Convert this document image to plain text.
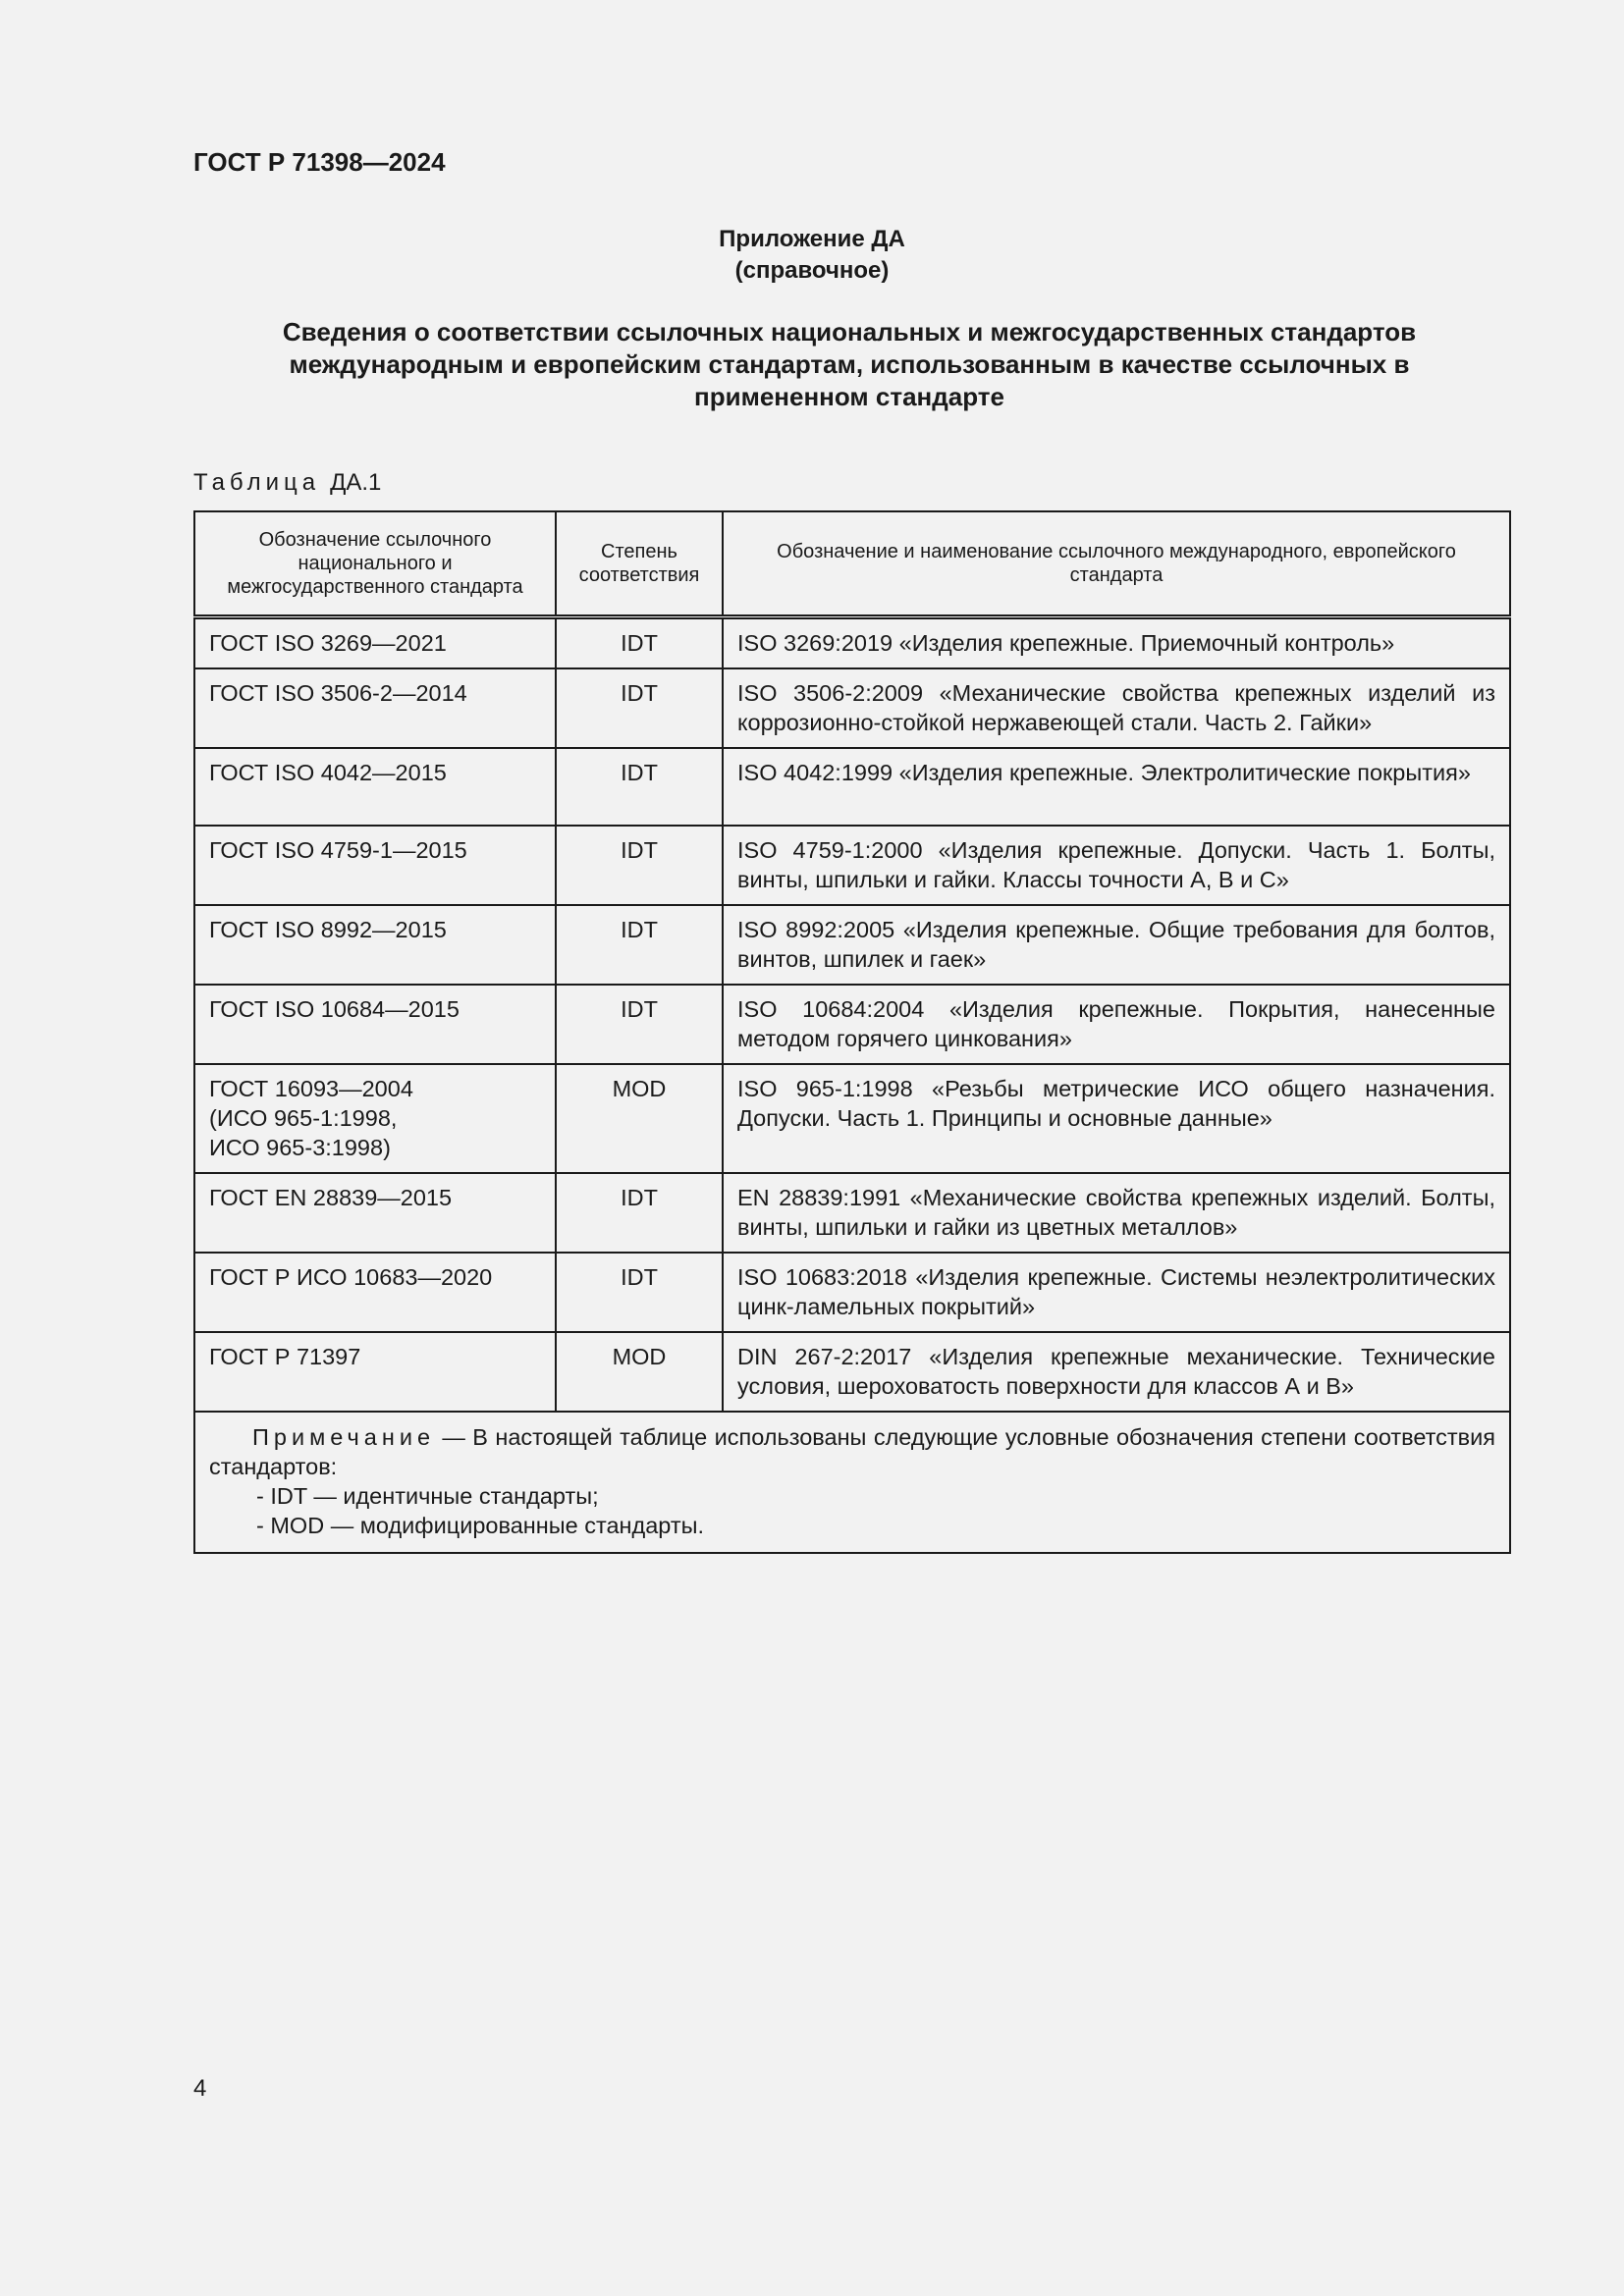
ГОСТ Р 71398—2024

Приложение ДА
(справочное)
Сведения о соответствии ссылочных национальных и межгосударственных стандартов международным и европейским стандартам, использованным в качестве ссылочных в примененном стандарте
Таблица ДА.1
Обозначение ссылочного национального и межгосударственного стандарта	Степень соответствия	Обозначение и наименование ссылочного международного, европейского стандарта
ГОСТ ISO 3269—2021	IDT	ISO 3269:2019 «Изделия крепежные. Приемочный контроль»
ГОСТ ISO 3506-2—2014	IDT	ISO 3506-2:2009 «Механические свойства крепежных изделий из коррозионно-стойкой нержавеющей стали. Часть 2. Гайки»
ГОСТ ISO 4042—2015	IDT	ISO 4042:1999 «Изделия крепежные. Электролитические покрытия»
ГОСТ ISO 4759-1—2015	IDT	ISO 4759-1:2000 «Изделия крепежные. Допуски. Часть 1. Болты, винты, шпильки и гайки. Классы точности А, В и С»
ГОСТ ISO 8992—2015	IDT	ISO 8992:2005 «Изделия крепежные. Общие требования для болтов, винтов, шпилек и гаек»
ГОСТ ISO 10684—2015	IDT	ISO 10684:2004 «Изделия крепежные. Покрытия, нанесенные методом горячего цинкования»

ГОСТ 16093—2004
(ИСО 965-1:1998,
ИСО 965-3:1998)	MOD	ISO 965-1:1998 «Резьбы метрические ИСО общего назначения. Допуски. Часть 1. Принципы и основные данные»
ГОСТ EN 28839—2015	IDT	EN 28839:1991 «Механические свойства крепежных изделий. Болты, винты, шпильки и гайки из цветных металлов»
ГОСТ Р ИСО 10683—2020	IDT	ISO 10683:2018 «Изделия крепежные. Системы неэлектролитических цинк-ламельных покрытий»
ГОСТ Р 71397	MOD	DIN 267-2:2017 «Изделия крепежные механические. Технические условия, шероховатость поверхности для классов А и В»

Примечание — В настоящей таблице использованы следующие условные обозначения степени соответствия стандартов:
- IDT — идентичные стандарты;
- MOD — модифицированные стандарты.		
4
